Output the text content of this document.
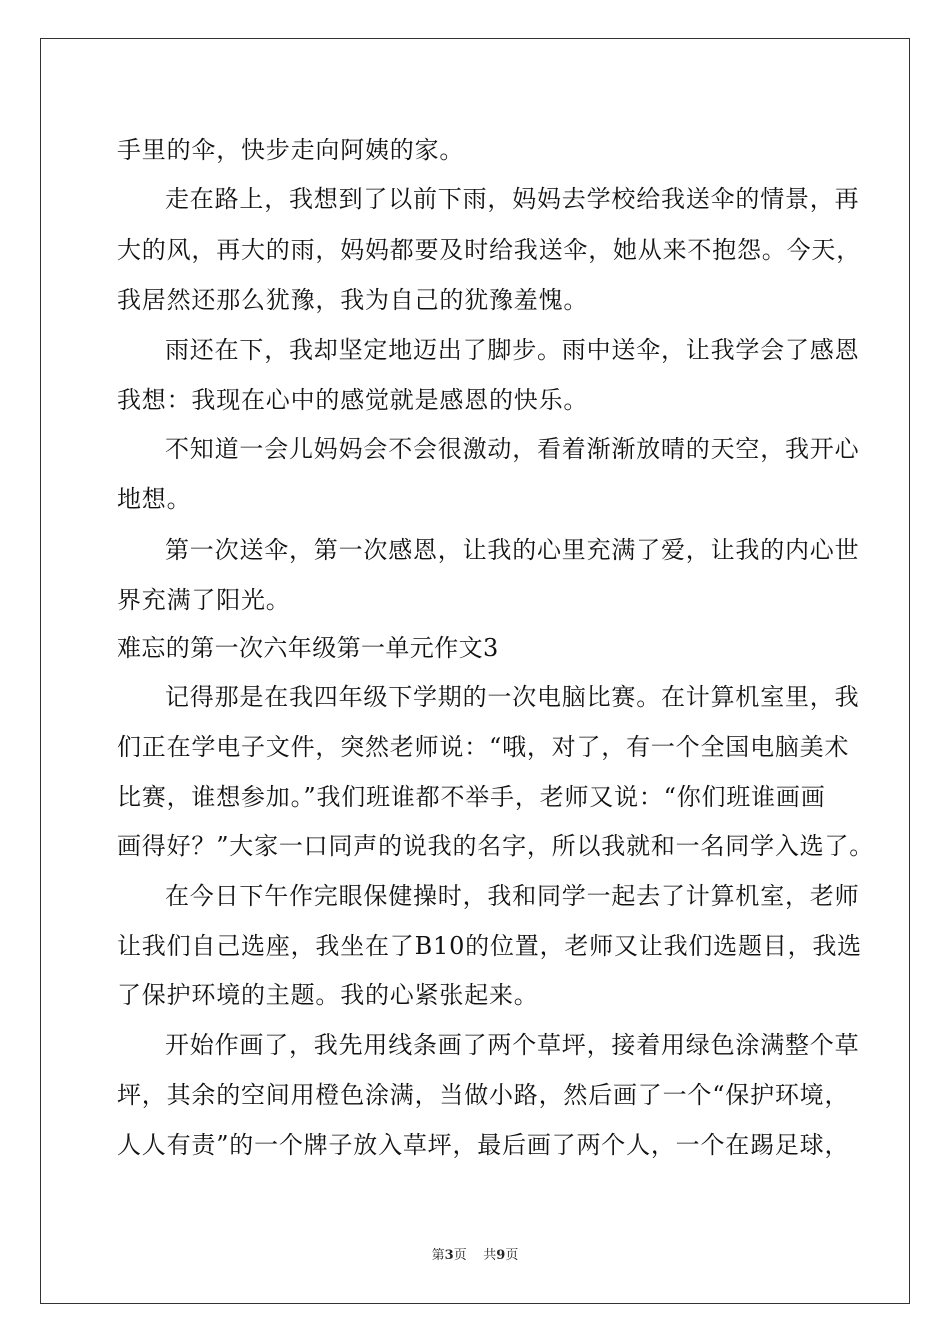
手里的伞，快步走向阿姨的家。
走在路上，我想到了以前下雨，妈妈去学校给我送伞的情景，再
大的风，再大的雨，妈妈都要及时给我送伞，她从来不抱怨。今天，
我居然还那么犹豫，我为自己的犹豫羞愧。
雨还在下，我却坚定地迈出了脚步。雨中送伞，让我学会了感恩
我想：我现在心中的感觉就是感恩的快乐。
不知道一会儿妈妈会不会很激动，看着渐渐放晴的天空，我开心
地想。
第一次送伞，第一次感恩，让我的心里充满了爱，让我的内心世
界充满了阳光。
难忘的第一次六年级第一单元作文3
记得那是在我四年级下学期的一次电脑比赛。在计算机室里，我
们正在学电子文件，突然老师说：“哦，对了，有一个全国电脑美术
比赛，谁想参加。”我们班谁都不举手，老师又说：“你们班谁画画
画得好？”大家一口同声的说我的名字，所以我就和一名同学入选了。
在今日下午作完眼保健操时，我和同学一起去了计算机室，老师
让我们自己选座，我坐在了B10的位置，老师又让我们选题目，我选
了保护环境的主题。我的心紧张起来。
开始作画了，我先用线条画了两个草坪，接着用绿色涂满整个草
坪，其余的空间用橙色涂满，当做小路，然后画了一个“保护环境，
人人有责”的一个牌子放入草坪，最后画了两个人，一个在踢足球，
第3页 共9页
